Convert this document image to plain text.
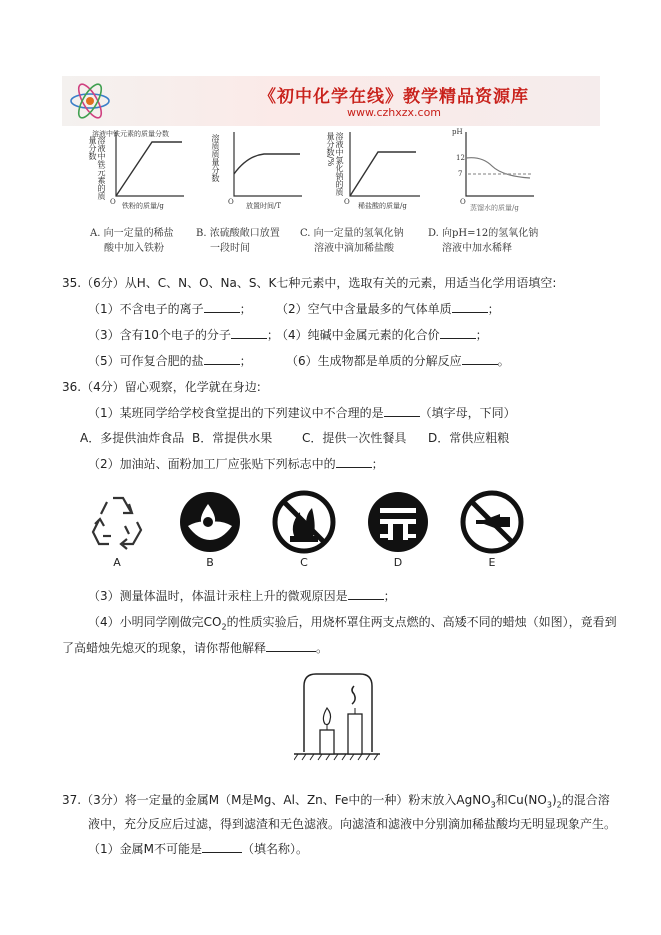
《初中化学在线》教学精品资源库
www.czhxzx.com
O 铁粉的质量/g	O 放置时间/T	O 稀盐酸的质量/g	O
蒸馏水的质量/g
pH
12
7
溶液中铁元素的质量分数
溶液中铁元素的质量分数	溶质质量分数	溶液中氯化钠的质量分数/%
A. 向一定量的稀盐
酸中加入铁粉
B. 浓硫酸敞口放置
一段时间
C. 向一定量的氢氧化钠
溶液中滴加稀盐酸
D. 向pH=12的氢氧化钠
溶液中加水稀释
35.（6分）从H、C、N、O、Na、S、K七种元素中，选取有关的元素，用适当化学用语填空:
（1）不含电子的离子	； （2）空气中含量最多的气体单质	；
（3）含有10个电子的分子	；
（4）纯碱中金属元素的化合价	；
（5）可作复合肥的盐	；	（6）生成物都是单质的分解反应	。
36.（4分）留心观察，化学就在身边:
（1）某班同学给学校食堂提出的下列建议中不合理的是	（填字母，下同）
A．多提供油炸食品 B．常提供水果 C．提供一次性餐具 D．常供应粗粮
（2）加油站、面粉加工厂应张贴下列标志中的	；
A	B	C	D	E
（3）测量体温时，体温计汞柱上升的微观原因是	；
（4）小明同学刚做完$CO_2$的性质实验后，用烧杯罩住两支点燃的、高矮不同的蜡烛（如图），竟看到
了高蜡烛先熄灭的现象，请你帮他解释	。
37.（3分）将一定量的金属M（M是Mg、Al、Zn、Fe中的一种）粉末放入AgNO$_3$和$Cu(NO_3)_2$的混合溶
液中，充分反应后过滤，得到滤渣和无色滤液。向滤渣和滤液中分别滴加稀盐酸均无明显现象产生。
（1）金属M不可能是	（填名称）。
